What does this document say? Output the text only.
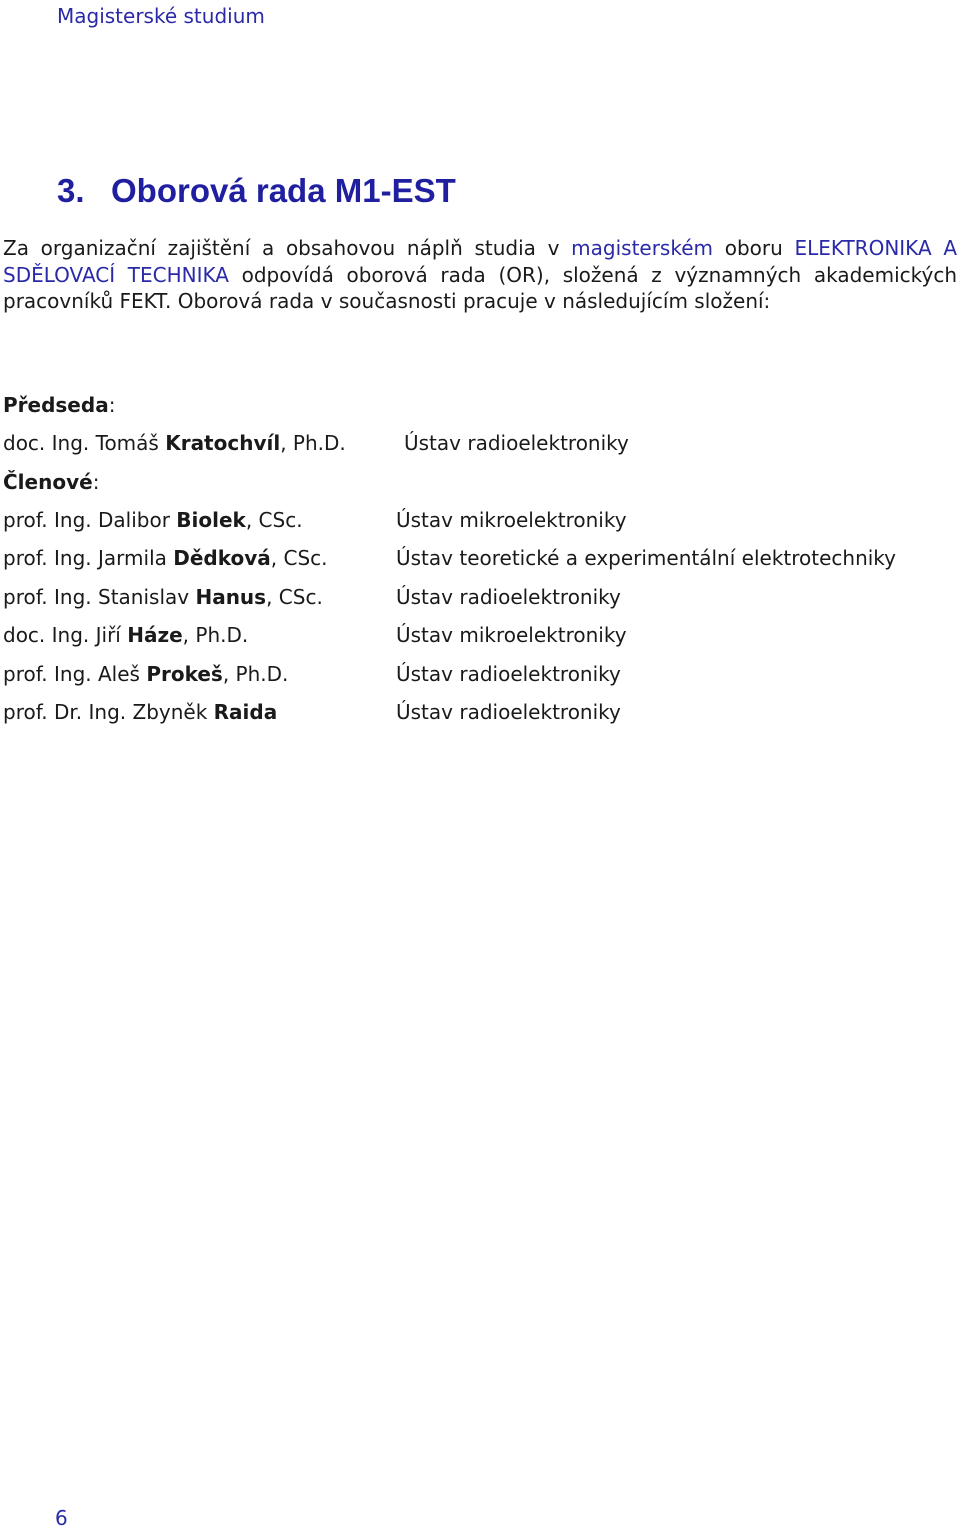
Magisterské studium
3. Oborová rada M1-EST

Za organizační zajištění a obsahovou náplň studia v magisterském oboru ELEKTRONIKA A SDĚLOVACÍ TECHNIKA odpovídá oborová rada (OR), složená z významných akademických pracovníků FEKT. Oborová rada v současnosti pracuje v následujícím složení:

Předseda:
doc. Ing. Tomáš Kratochvíl, Ph.D.	Ústav radioelektroniky
Členové:
prof. Ing. Dalibor Biolek, CSc.	Ústav mikroelektroniky
prof. Ing. Jarmila Dědková, CSc.	Ústav teoretické a experimentální elektrotechniky
prof. Ing. Stanislav Hanus, CSc.	Ústav radioelektroniky
doc. Ing. Jiří Háze, Ph.D.	Ústav mikroelektroniky
prof. Ing. Aleš Prokeš, Ph.D.	Ústav radioelektroniky
prof. Dr. Ing. Zbyněk Raida	Ústav radioelektroniky
6
